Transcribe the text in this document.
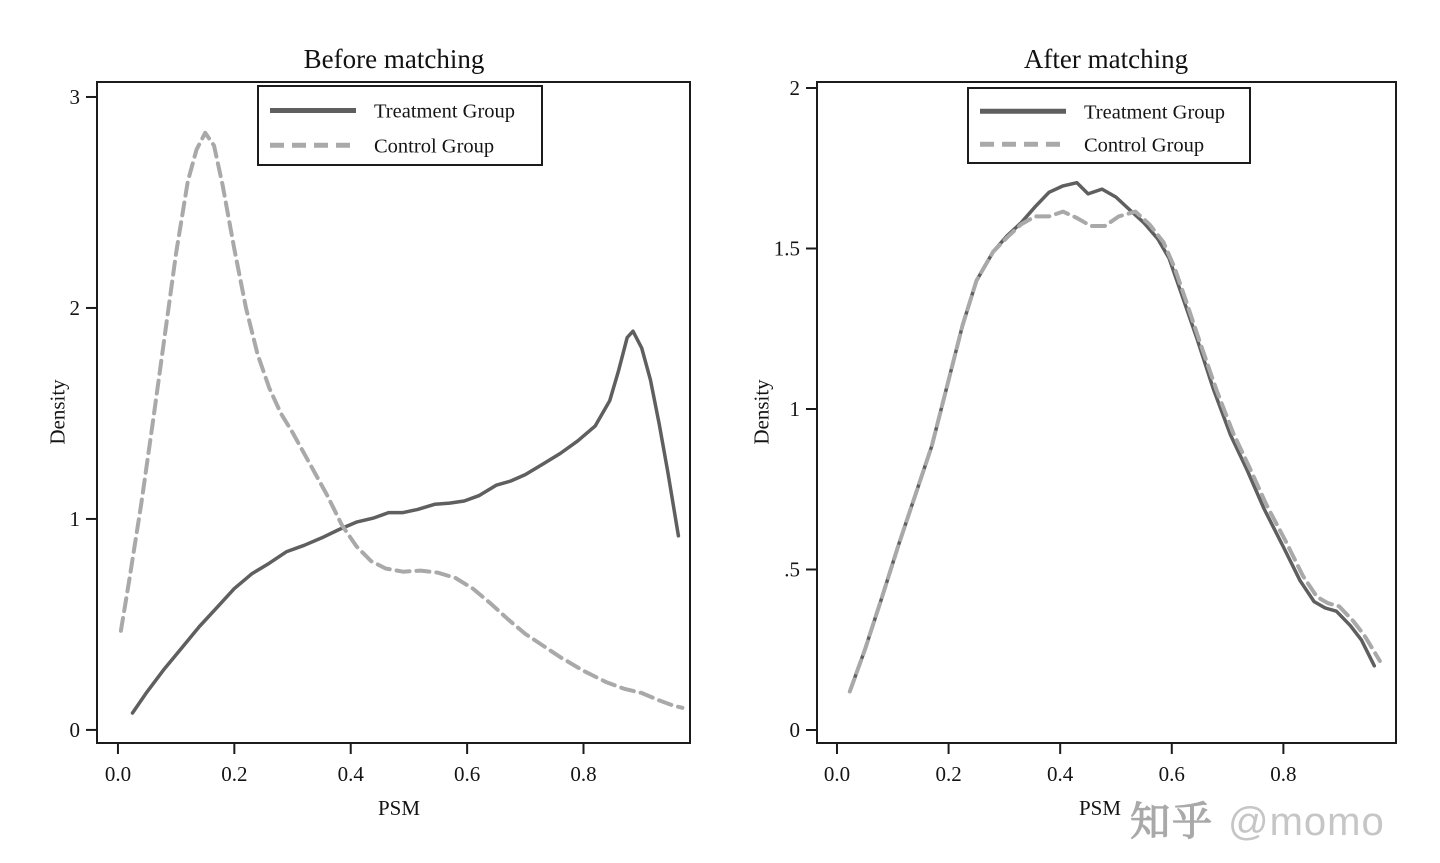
0.0	0.2	0.4	0.6	0.8
0
1
2
3
Treatment Group
Control Group
0.0	0.2	0.4	0.6	0.8
0
.5
1
1.5
2
Treatment Group
Control Group
Before matching	After matching
Density	Density
PSM	PSM 知乎 @momo
